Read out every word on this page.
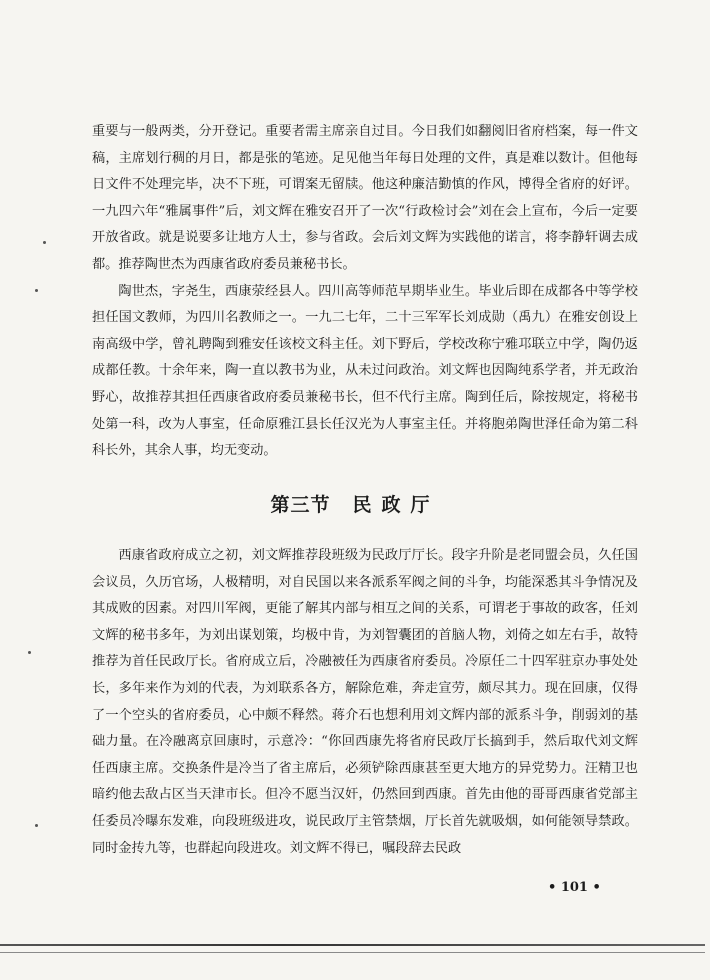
重要与一般两类，分开登记。重要者需主席亲自过目。今日我们如翻阅旧省府档案，每一件文稿，主席划行稠的月日，都是张的笔迹。足见他当年每日处理的文件，真是难以数计。但他每日文件不处理完毕，决不下班，可谓案无留牍。他这种廉洁勤慎的作风，博得全省府的好评。一九四六年“雅属事件”后，刘文辉在雅安召开了一次“行政检讨会”刘在会上宣布，今后一定要开放省政。就是说要多让地方人士，参与省政。会后刘文辉为实践他的诺言，将李静轩调去成都。推荐陶世杰为西康省政府委员兼秘书长。

陶世杰，字尧生，西康荥经县人。四川高等师范早期毕业生。毕业后即在成都各中等学校担任国文教师，为四川名教师之一。一九二七年，二十三军军长刘成勋（禹九）在雅安创设上南高级中学，曾礼聘陶到雅安任该校文科主任。刘下野后，学校改称宁雅邛联立中学，陶仍返成都任教。十余年来，陶一直以教书为业，从未过问政治。刘文辉也因陶纯系学者，并无政治野心，故推荐其担任西康省政府委员兼秘书长，但不代行主席。陶到任后，除按规定，将秘书处第一科，改为人事室，任命原雅江县长任汉光为人事室主任。并将胞弟陶世泽任命为第二科科长外，其余人事，均无变动。

第三节 民政厅

西康省政府成立之初，刘文辉推荐段班级为民政厅厅长。段字升阶是老同盟会员，久任国会议员，久历官场，人极精明，对自民国以来各派系军阀之间的斗争，均能深悉其斗争情况及其成败的因素。对四川军阀，更能了解其内部与相互之间的关系，可谓老于事故的政客，任刘文辉的秘书多年，为刘出谋划策，均极中肯，为刘智囊团的首脑人物，刘倚之如左右手，故特推荐为首任民政厅长。省府成立后，冷融被任为西康省府委员。冷原任二十四军驻京办事处处长，多年来作为刘的代表，为刘联系各方，解除危难，奔走宣劳，颇尽其力。现在回康，仅得了一个空头的省府委员，心中颇不释然。蒋介石也想利用刘文辉内部的派系斗争，削弱刘的基础力量。在冷融离京回康时，示意冷：“你回西康先将省府民政厅长搞到手，然后取代刘文辉任西康主席。交换条件是冷当了省主席后，必须铲除西康甚至更大地方的异党势力。汪精卫也暗约他去敌占区当天津市长。但冷不愿当汉奸，仍然回到西康。首先由他的哥哥西康省党部主任委员冷曝东发难，向段班级进攻，说民政厅主管禁烟，厅长首先就吸烟，如何能领导禁政。同时金抟九等，也群起向段进攻。刘文辉不得已，嘱段辞去民政

• 101 •
